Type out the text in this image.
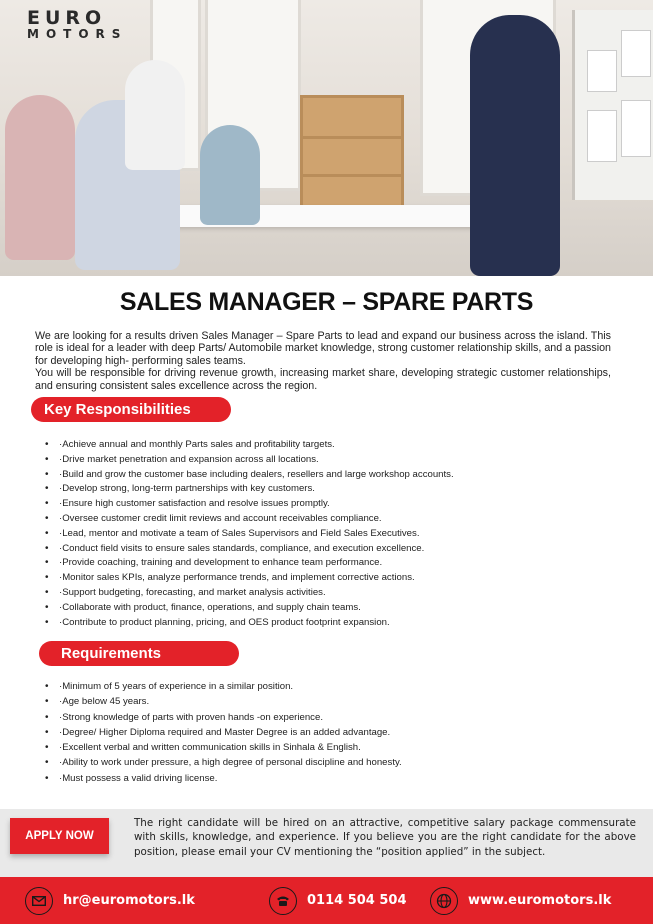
EURO
MOTORS
SALES MANAGER – SPARE PARTS

We are looking for a results driven Sales Manager – Spare Parts to lead and expand our business across the island. This role is ideal for a leader with deep Parts/ Automobile market knowledge, strong customer relationship skills, and a passion for developing high- performing sales teams.

You will be responsible for driving revenue growth, increasing market share, developing strategic customer relationships, and ensuring consistent sales excellence across the region.

Key Responsibilities
• ·Achieve annual and monthly Parts sales and profitability targets.
• ·Drive market penetration and expansion across all locations.
• ·Build and grow the customer base including dealers, resellers and large workshop accounts.
• ·Develop strong, long-term partnerships with key customers.
• ·Ensure high customer satisfaction and resolve issues promptly.
• ·Oversee customer credit limit reviews and account receivables compliance.
• ·Lead, mentor and motivate a team of Sales Supervisors and Field Sales Executives.
• ·Conduct field visits to ensure sales standards, compliance, and execution excellence.
• ·Provide coaching, training and development to enhance team performance.
• ·Monitor sales KPIs, analyze performance trends, and implement corrective actions.
• ·Support budgeting, forecasting, and market analysis activities.
• ·Collaborate with product, finance, operations, and supply chain teams.
• ·Contribute to product planning, pricing, and OES product footprint expansion.
Requirements
• ·Minimum of 5 years of experience in a similar position.
• ·Age below 45 years.
• ·Strong knowledge of parts with proven hands -on experience.
• ·Degree/ Higher Diploma required and Master Degree is an added advantage.
• ·Excellent verbal and written communication skills in Sinhala & English.
• ·Ability to work under pressure, a high degree of personal discipline and honesty.
• ·Must possess a valid driving license.
APPLY NOW

The right candidate will be hired on an attractive, competitive salary package commensurate with skills, knowledge, and experience. If you believe you are the right candidate for the above position, please email your CV mentioning the “position applied” in the subject.

hr@euromotors.lk	0114 504 504	www.euromotors.lk
